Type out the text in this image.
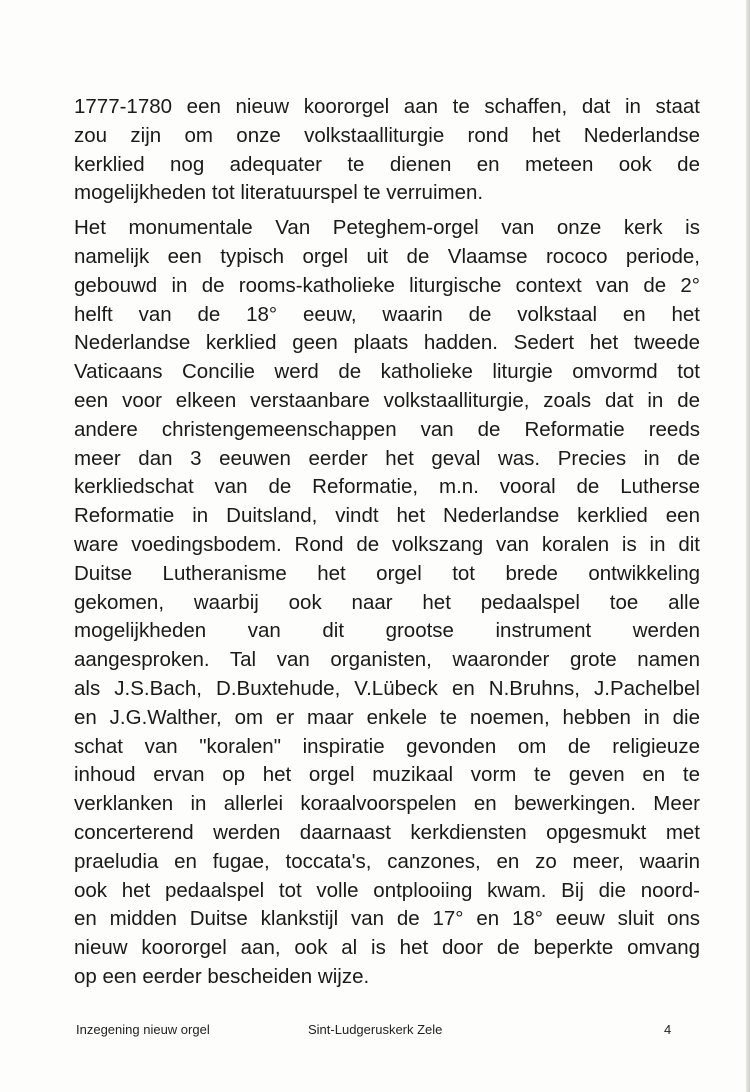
1777-1780 een nieuw koororgel aan te schaffen, dat in staat
zou zijn om onze volkstaalliturgie rond het Nederlandse
kerklied nog adequater te dienen en meteen ook de
mogelijkheden tot literatuurspel te verruimen.
Het monumentale Van Peteghem-orgel van onze kerk is
namelijk een typisch orgel uit de Vlaamse rococo periode,
gebouwd in de rooms-katholieke liturgische context van de 2°
helft van de 18° eeuw, waarin de volkstaal en het
Nederlandse kerklied geen plaats hadden. Sedert het tweede
Vaticaans Concilie werd de katholieke liturgie omvormd tot
een voor elkeen verstaanbare volkstaalliturgie, zoals dat in de
andere christengemeenschappen van de Reformatie reeds
meer dan 3 eeuwen eerder het geval was. Precies in de
kerkliedschat van de Reformatie, m.n. vooral de Lutherse
Reformatie in Duitsland, vindt het Nederlandse kerklied een
ware voedingsbodem. Rond de volkszang van koralen is in dit
Duitse Lutheranisme het orgel tot brede ontwikkeling
gekomen, waarbij ook naar het pedaalspel toe alle
mogelijkheden van dit grootse instrument werden
aangesproken. Tal van organisten, waaronder grote namen
als J.S.Bach, D.Buxtehude, V.Lübeck en N.Bruhns, J.Pachelbel
en J.G.Walther, om er maar enkele te noemen, hebben in die
schat van "koralen" inspiratie gevonden om de religieuze
inhoud ervan op het orgel muzikaal vorm te geven en te
verklanken in allerlei koraalvoorspelen en bewerkingen. Meer
concerterend werden daarnaast kerkdiensten opgesmukt met
praeludia en fugae, toccata's, canzones, en zo meer, waarin
ook het pedaalspel tot volle ontplooiing kwam. Bij die noord-
en midden Duitse klankstijl van de 17° en 18° eeuw sluit ons
nieuw koororgel aan, ook al is het door de beperkte omvang
op een eerder bescheiden wijze.
Inzegening nieuw orgel	Sint-Ludgeruskerk Zele	4
